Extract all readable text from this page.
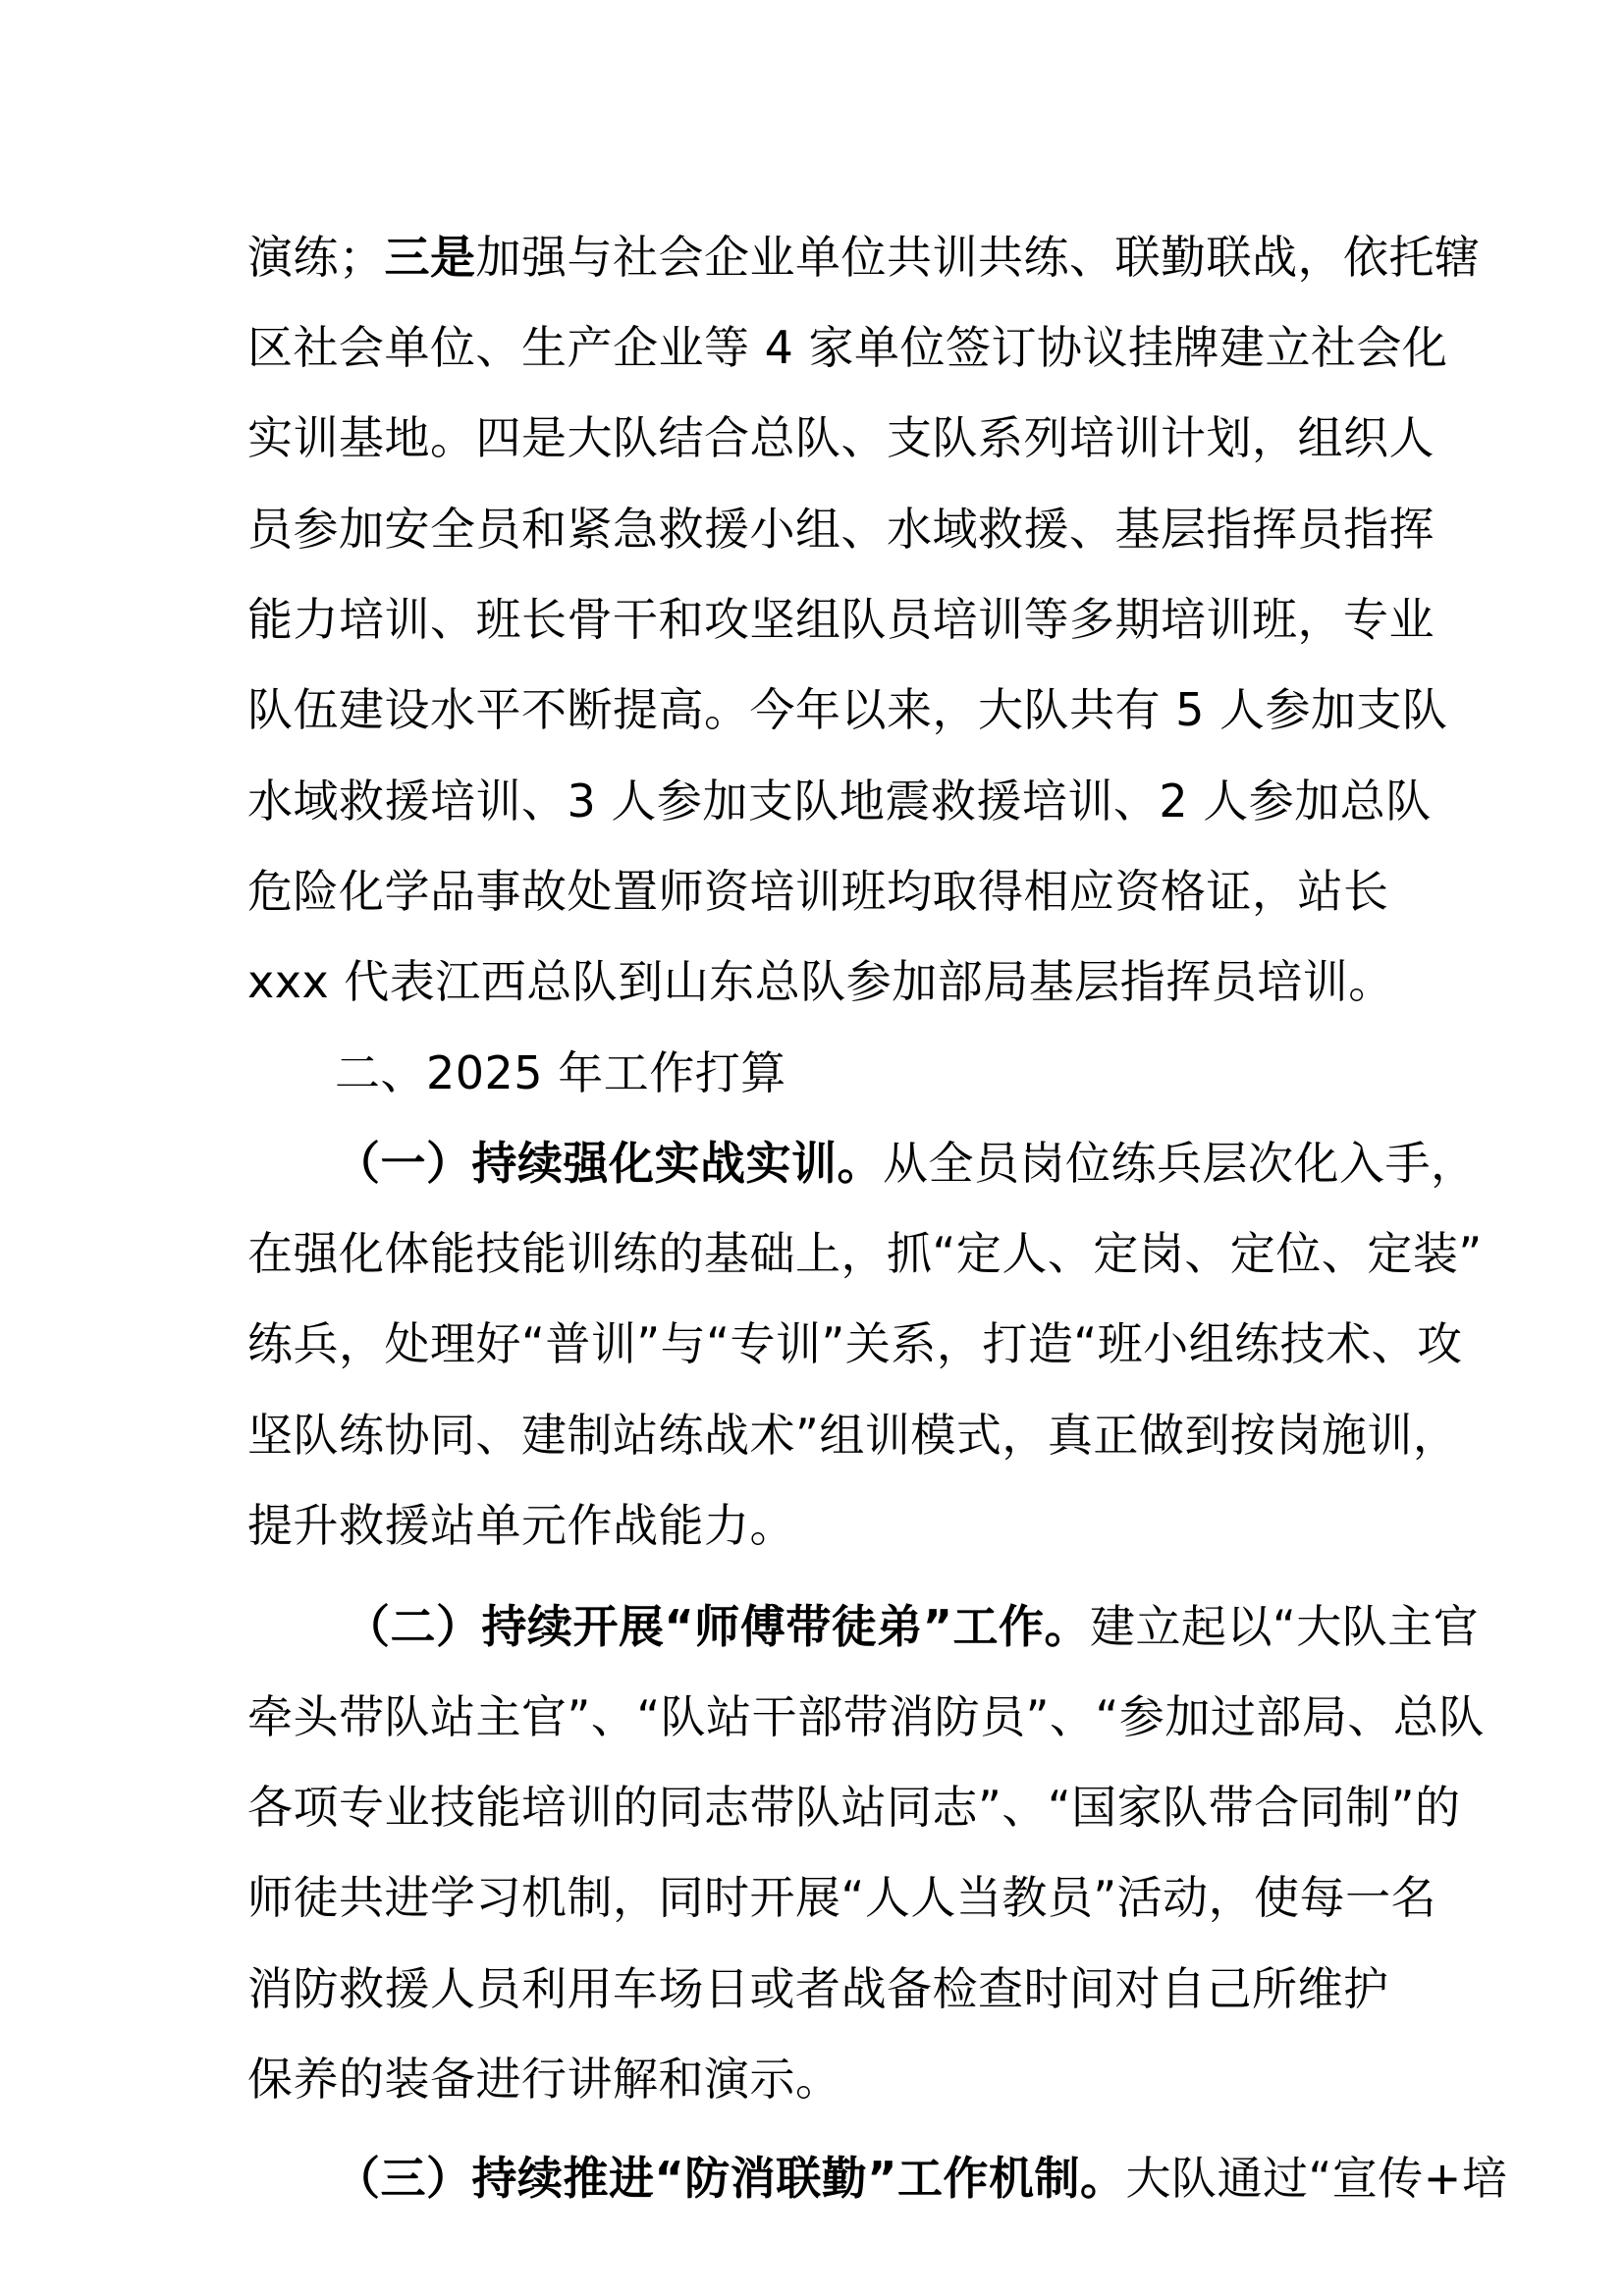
演练；三是加强与社会企业单位共训共练、联勤联战，依托辖
区社会单位、生产企业等 4 家单位签订协议挂牌建立社会化
实训基地。四是大队结合总队、支队系列培训计划，组织人
员参加安全员和紧急救援小组、水域救援、基层指挥员指挥
能力培训、班长骨干和攻坚组队员培训等多期培训班，专业
队伍建设水平不断提高。今年以来，大队共有 5 人参加支队
水域救援培训、3 人参加支队地震救援培训、2 人参加总队
危险化学品事故处置师资培训班均取得相应资格证，站长
xxx 代表江西总队到山东总队参加部局基层指挥员培训。
二、2025 年工作打算
（一）持续强化实战实训。从全员岗位练兵层次化入手，
在强化体能技能训练的基础上，抓“定人、定岗、定位、定装”
练兵，处理好“普训”与“专训”关系，打造“班小组练技术、攻
坚队练协同、建制站练战术”组训模式，真正做到按岗施训，
提升救援站单元作战能力。
（二）持续开展“师傅带徒弟”工作。建立起以“大队主官
牵头带队站主官”、“队站干部带消防员”、“参加过部局、总队
各项专业技能培训的同志带队站同志”、“国家队带合同制”的
师徒共进学习机制，同时开展“人人当教员”活动，使每一名
消防救援人员利用车场日或者战备检查时间对自己所维护
保养的装备进行讲解和演示。
（三）持续推进“防消联勤”工作机制。大队通过“宣传+培
